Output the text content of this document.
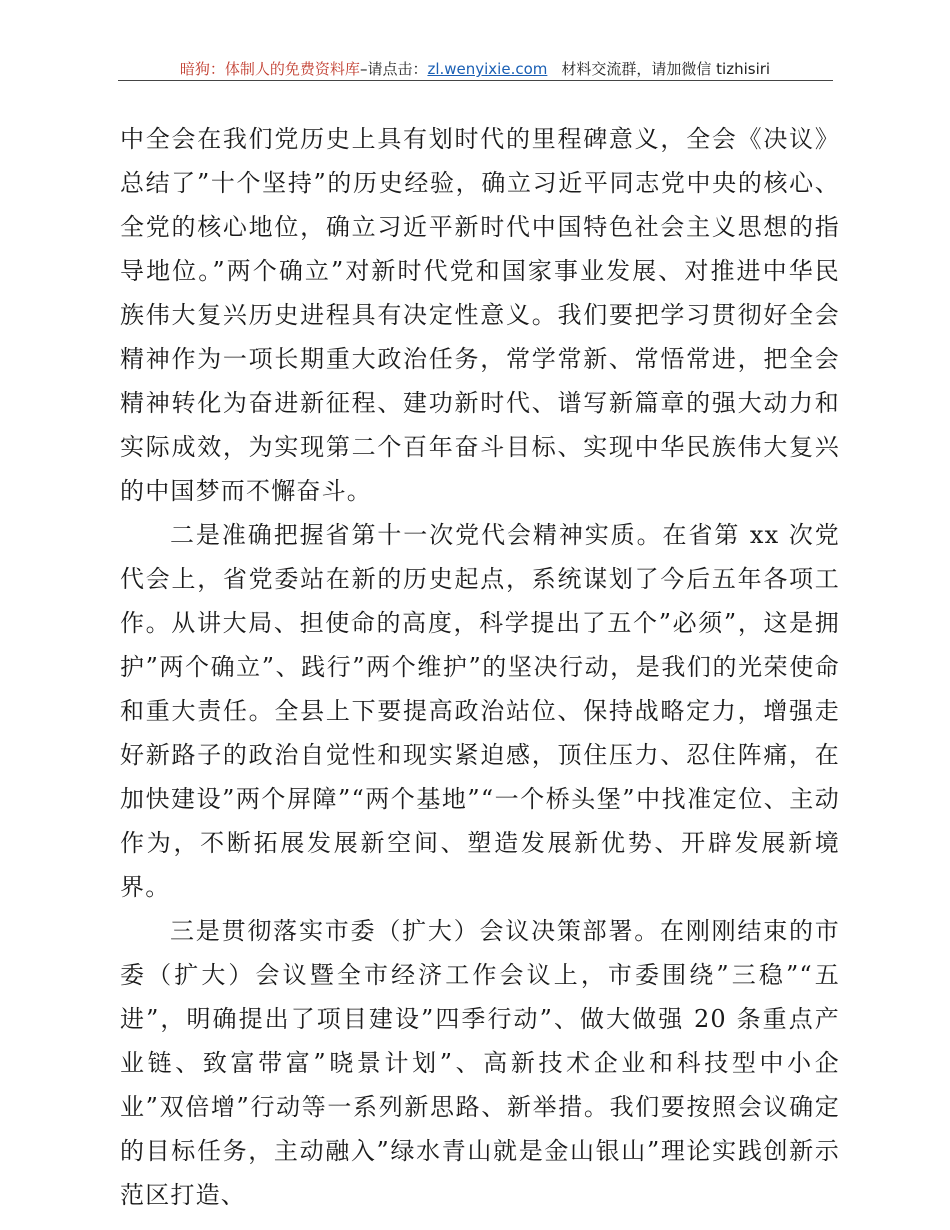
暗狗：体制人的免费资料库–请点击：zl.wenyixie.com 材料交流群，请加微信 tizhisiri

中全会在我们党历史上具有划时代的里程碑意义，全会《决议》总结了”十个坚持”的历史经验，确立习近平同志党中央的核心、全党的核心地位，确立习近平新时代中国特色社会主义思想的指导地位。”两个确立”对新时代党和国家事业发展、对推进中华民族伟大复兴历史进程具有决定性意义。我们要把学习贯彻好全会精神作为一项长期重大政治任务，常学常新、常悟常进，把全会精神转化为奋进新征程、建功新时代、谱写新篇章的强大动力和实际成效，为实现第二个百年奋斗目标、实现中华民族伟大复兴的中国梦而不懈奋斗。

二是准确把握省第十一次党代会精神实质。在省第 xx 次党代会上，省党委站在新的历史起点，系统谋划了今后五年各项工作。从讲大局、担使命的高度，科学提出了五个”必须”，这是拥护”两个确立”、践行”两个维护”的坚决行动，是我们的光荣使命和重大责任。全县上下要提高政治站位、保持战略定力，增强走好新路子的政治自觉性和现实紧迫感，顶住压力、忍住阵痛，在加快建设”两个屏障”“两个基地”“一个桥头堡”中找准定位、主动作为，不断拓展发展新空间、塑造发展新优势、开辟发展新境界。

三是贯彻落实市委（扩大）会议决策部署。在刚刚结束的市委（扩大）会议暨全市经济工作会议上，市委围绕”三稳”“五进”，明确提出了项目建设”四季行动”、做大做强 20 条重点产业链、致富带富”晓景计划”、高新技术企业和科技型中小企业”双倍增”行动等一系列新思路、新举措。我们要按照会议确定的目标任务，主动融入”绿水青山就是金山银山”理论实践创新示范区打造、
